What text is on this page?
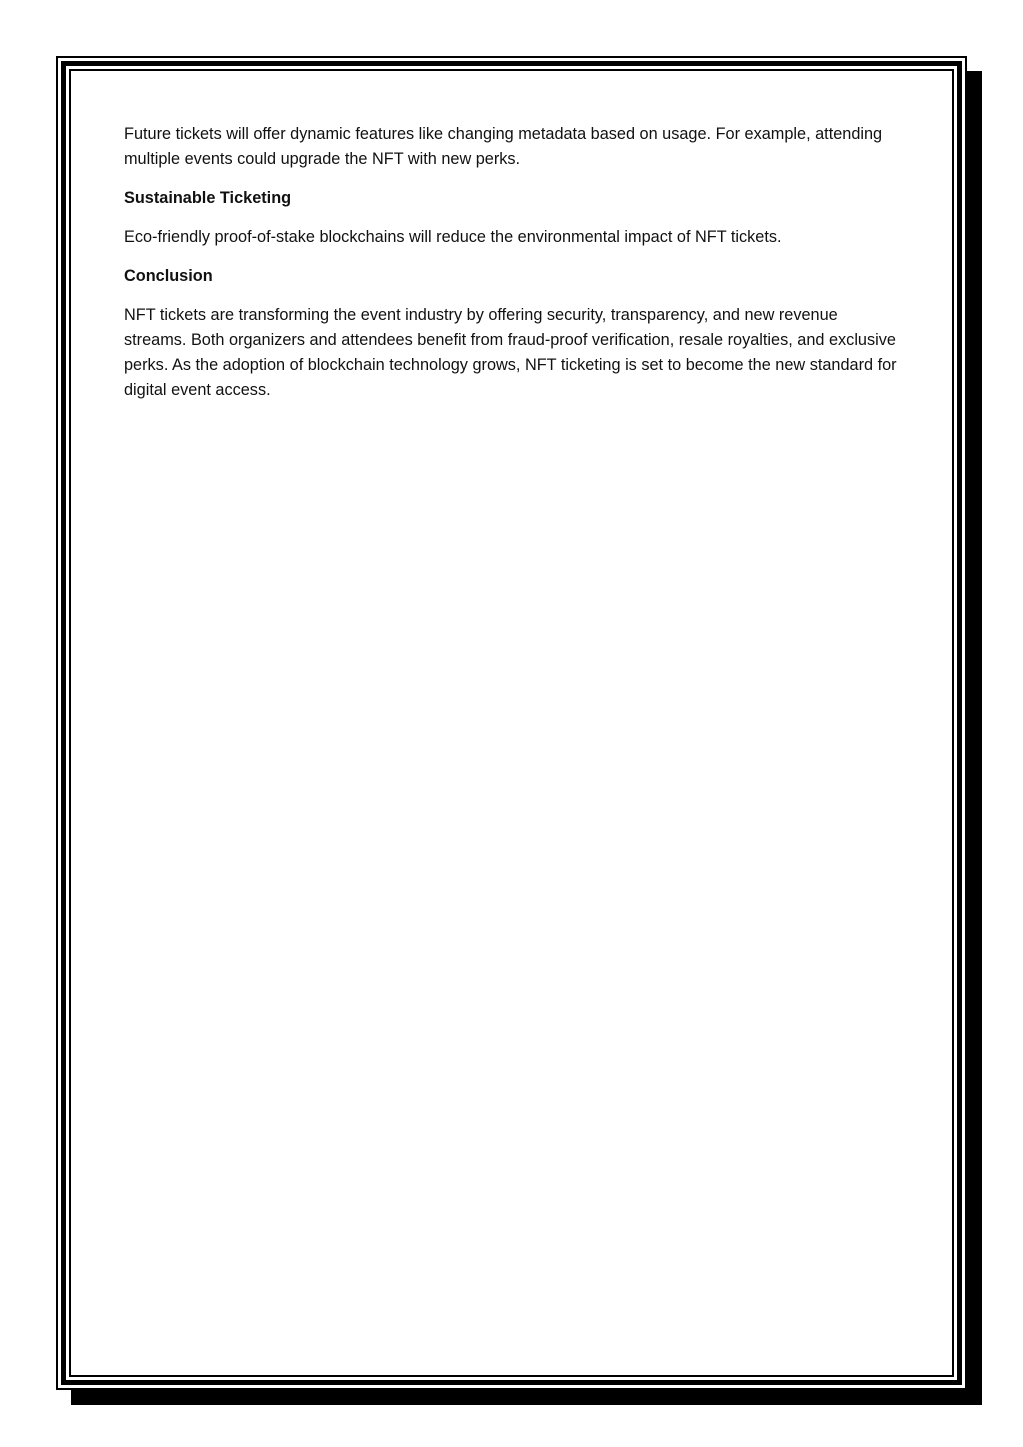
Future tickets will offer dynamic features like changing metadata based on usage. For example, attending multiple events could upgrade the NFT with new perks.

Sustainable Ticketing

Eco-friendly proof-of-stake blockchains will reduce the environmental impact of NFT tickets.

Conclusion

NFT tickets are transforming the event industry by offering security, transparency, and new revenue streams. Both organizers and attendees benefit from fraud-proof verification, resale royalties, and exclusive perks. As the adoption of blockchain technology grows, NFT ticketing is set to become the new standard for digital event access.
